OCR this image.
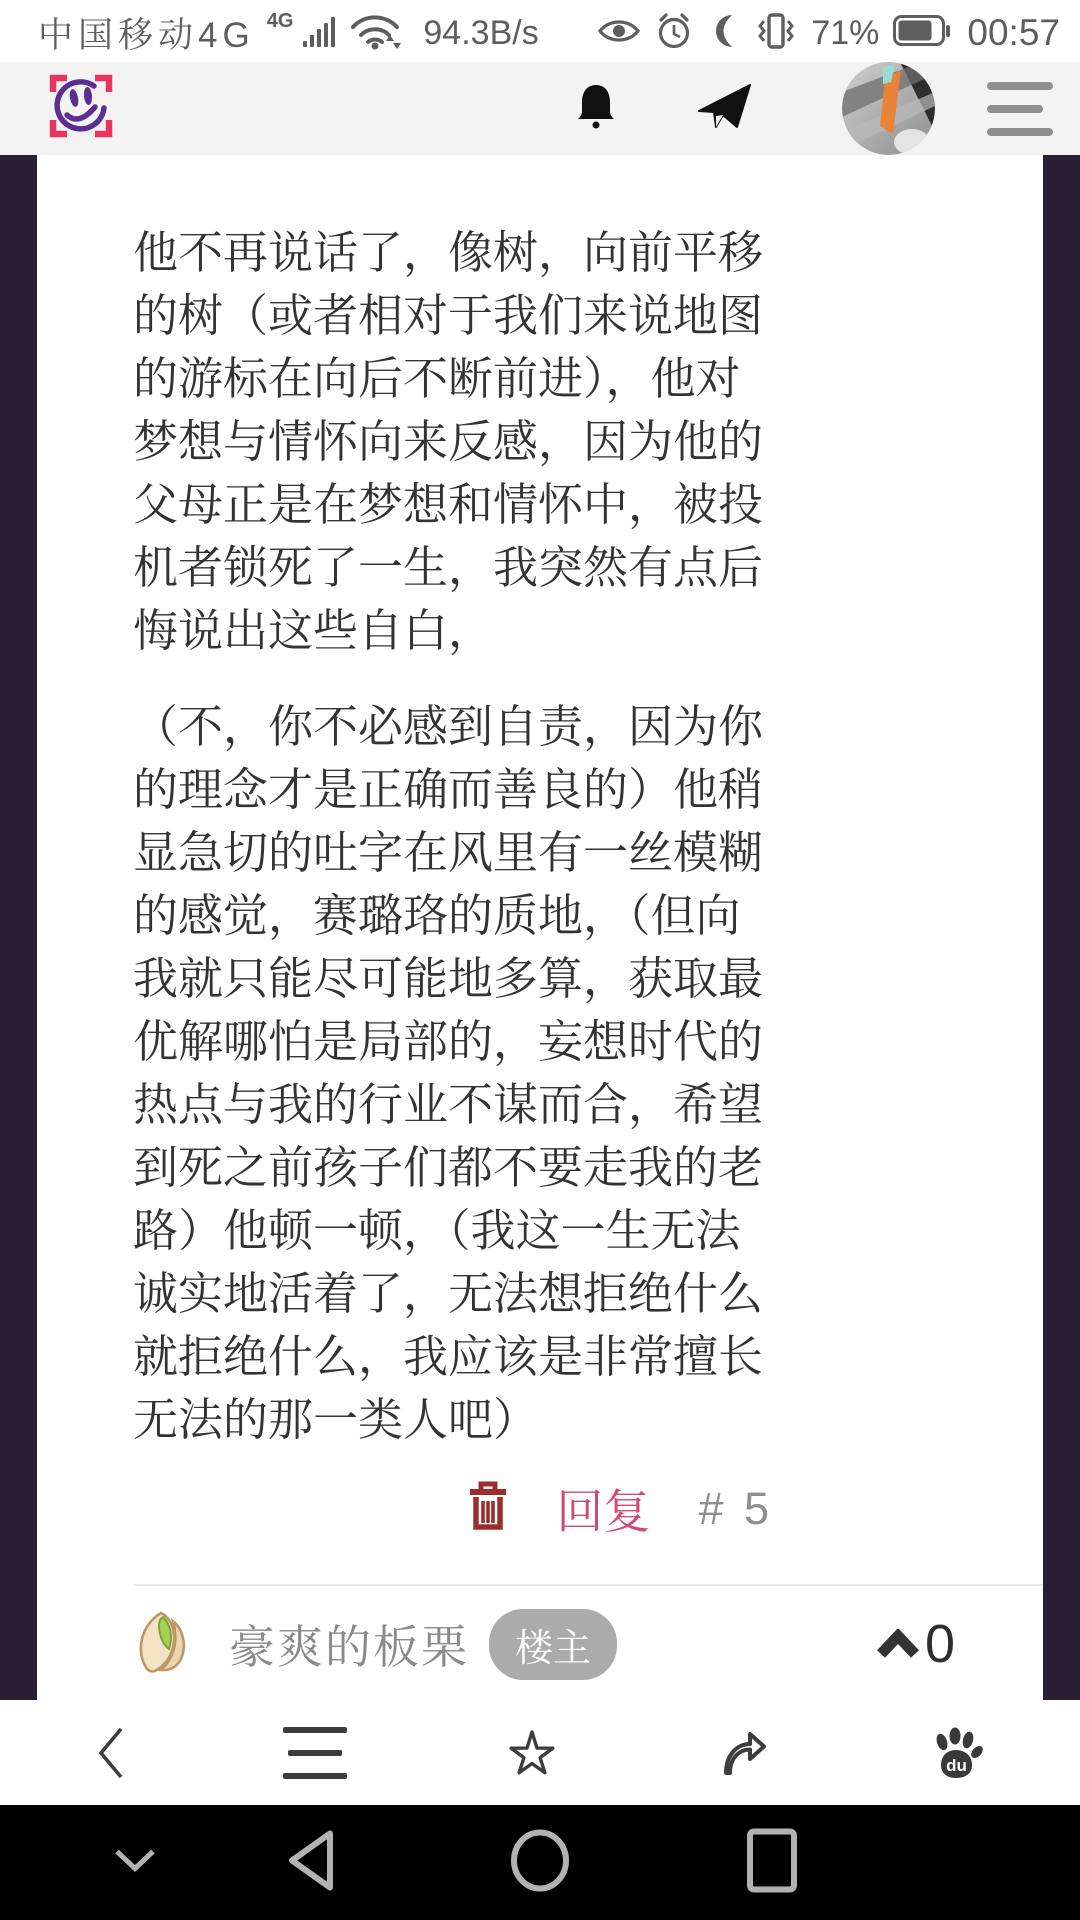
中国移动4G 4G	94.3B/s	71% 00:57

他不再说话了，像树，向前平移的树（或者相对于我们来说地图的游标在向后不断前进），他对梦想与情怀向来反感，因为他的父母正是在梦想和情怀中，被投机者锁死了一生，我突然有点后悔说出这些自白，

（不，你不必感到自责，因为你的理念才是正确而善良的）他稍显急切的吐字在风里有一丝模糊的感觉，赛璐珞的质地，（但向我就只能尽可能地多算，获取最优解哪怕是局部的，妄想时代的热点与我的行业不谋而合，希望到死之前孩子们都不要走我的老路）他顿一顿，（我这一生无法诚实地活着了，无法想拒绝什么就拒绝什么，我应该是非常擅长无法的那一类人吧）

回复 # 5
豪爽的板栗	楼主	0
du
